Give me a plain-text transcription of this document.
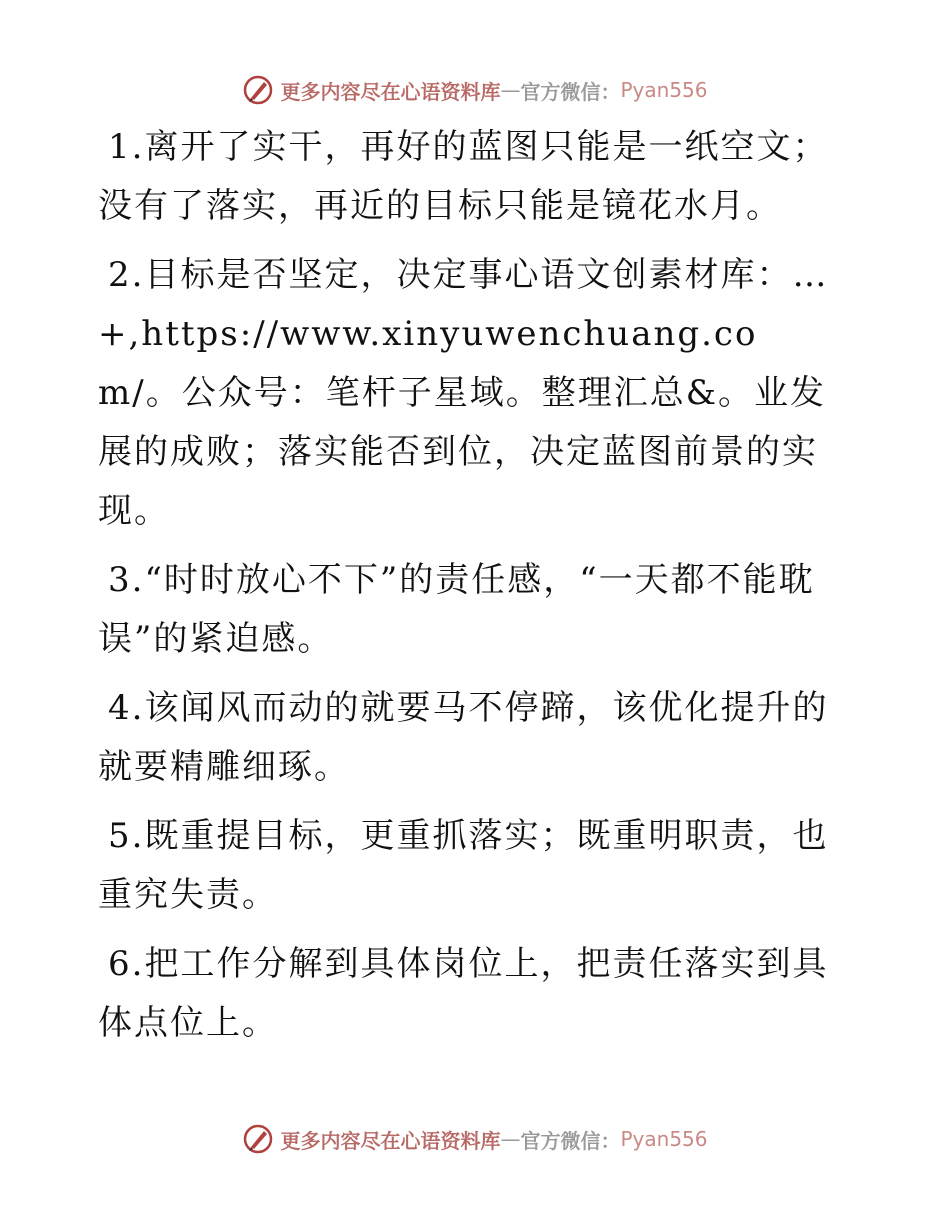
更多内容尽在心语资料库 — 官方微信： Pyan556

1.离开了实干，再好的蓝图只能是一纸空文；没有了落实，再近的目标只能是镜花水月。

2.目标是否坚定，决定事心语文创素材库：…+,https://www.xinyuwenchuang.com/。公众号：笔杆子星域。整理汇总&。业发展的成败；落实能否到位，决定蓝图前景的实现。

3.“时时放心不下”的责任感，“一天都不能耽误”的紧迫感。

4.该闻风而动的就要马不停蹄，该优化提升的就要精雕细琢。

5.既重提目标，更重抓落实；既重明职责，也重究失责。

6.把工作分解到具体岗位上，把责任落实到具体点位上。

更多内容尽在心语资料库 — 官方微信： Pyan556
